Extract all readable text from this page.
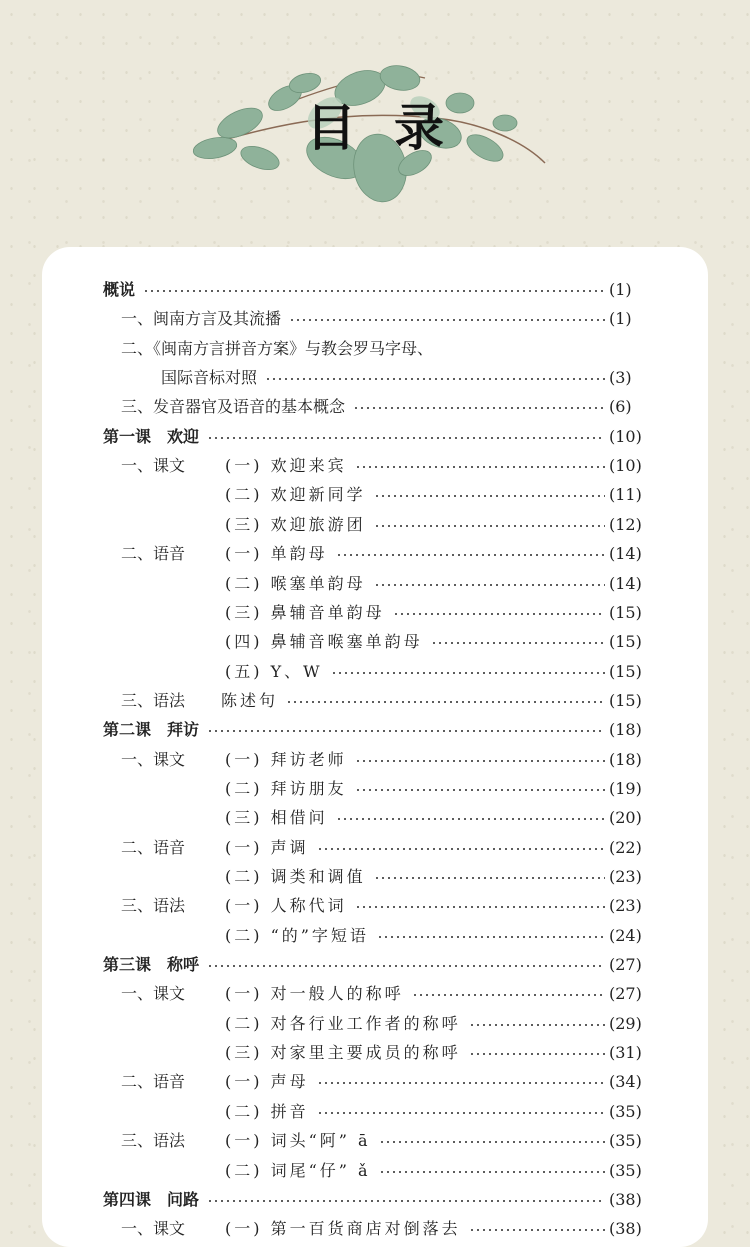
目录
概说	(1)
一、闽南方言及其流播	(1)
二、《闽南方言拼音方案》与教会罗马字母、
国际音标对照	(3)
三、发音器官及语音的基本概念	(6)
第一课　欢迎	(10)
一、课文 (一) 欢迎来宾	(10)
(二) 欢迎新同学	(11)
(三) 欢迎旅游团	(12)
二、语音 (一) 单韵母	(14)
(二) 喉塞单韵母	(14)
(三) 鼻辅音单韵母	(15)
(四) 鼻辅音喉塞单韵母	(15)
(五) Y、W	(15)
三、语法 陈述句	(15)
第二课　拜访	(18)
一、课文 (一) 拜访老师	(18)
(二) 拜访朋友	(19)
(三) 相借问	(20)
二、语音 (一) 声调	(22)
(二) 调类和调值	(23)
三、语法 (一) 人称代词	(23)
(二) “的”字短语	(24)
第三课　称呼	(27)
一、课文 (一) 对一般人的称呼	(27)
(二) 对各行业工作者的称呼	(29)
(三) 对家里主要成员的称呼	(31)
二、语音 (一) 声母	(34)
(二) 拼音	(35)
三、语法 (一) 词头“阿” ā	(35)
(二) 词尾“仔” ǎ	(35)
第四课　问路	(38)
一、课文 (一) 第一百货商店对倒落去	(38)
